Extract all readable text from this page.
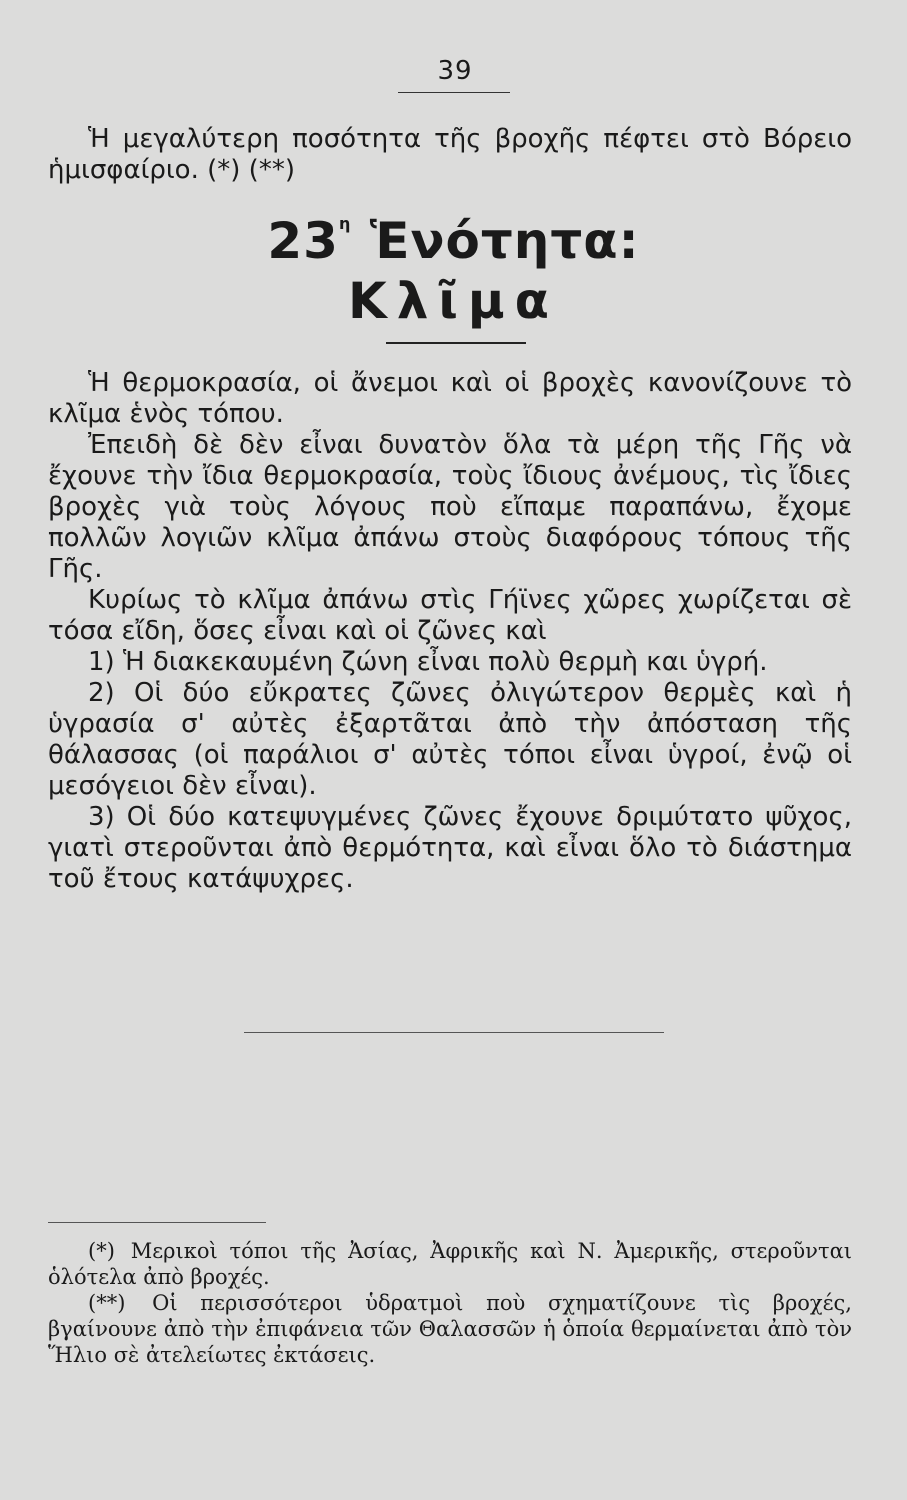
39

Ἡ μεγαλύτερη ποσότητα τῆς βροχῆς πέφτει στὸ Βόρειο ἡμισφαίριο. (*) (**)

$23^\eta$ Ἑνότητα:
Κλῖμα

Ἡ θερμοκρασία, οἱ ἄνεμοι καὶ οἱ βροχὲς κανονίζουνε τὸ κλῖμα ἑνὸς τόπου.

Ἐπειδὴ δὲ δὲν εἶναι δυνατὸν ὅλα τὰ μέρη τῆς Γῆς νὰ ἔχουνε τὴν ἴδια θερμοκρασία, τοὺς ἴδιους ἀνέμους, τὶς ἴδιες βροχὲς γιὰ τοὺς λόγους ποὺ εἴπαμε παραπάνω, ἔχομε πολλῶν λογιῶν κλῖμα ἀπάνω στοὺς διαφόρους τόπους τῆς Γῆς.

Κυρίως τὸ κλῖμα ἀπάνω στὶς Γήϊνες χῶρες χωρίζεται σὲ τόσα εἴδη, ὅσες εἶναι καὶ οἱ ζῶνες καὶ

1) Ἡ διακεκαυμένη ζώνη εἶναι πολὺ θερμὴ και ὑγρή.

2) Οἱ δύο εὔκρατες ζῶνες ὀλιγώτερον θερμὲς καὶ ἡ ὑγρασία σ' αὐτὲς ἐξαρτᾶται ἀπὸ τὴν ἀπόσταση τῆς θάλασσας (οἱ παράλιοι σ' αὐτὲς τόποι εἶναι ὑγροί, ἐνῷ οἱ μεσόγειοι δὲν εἶναι).

3) Οἱ δύο κατεψυγμένες ζῶνες ἔχουνε δριμύτατο ψῦχος, γιατὶ στεροῦνται ἀπὸ θερμότητα, καὶ εἶναι ὅλο τὸ διάστημα τοῦ ἔτους κατάψυχρες.

(*) Μερικοὶ τόποι τῆς Ἀσίας, Ἀφρικῆς καὶ Ν. Ἀμερικῆς, στεροῦνται ὁλότελα ἀπὸ βροχές.

(**) Οἱ περισσότεροι ὑδρατμοὶ ποὺ σχηματίζουνε τὶς βροχές, βγαίνουνε ἀπὸ τὴν ἐπιφάνεια τῶν Θαλασσῶν ἡ ὁποία θερμαίνεται ἀπὸ τὸν Ἥλιο σὲ ἀτελείωτες ἐκτάσεις.
